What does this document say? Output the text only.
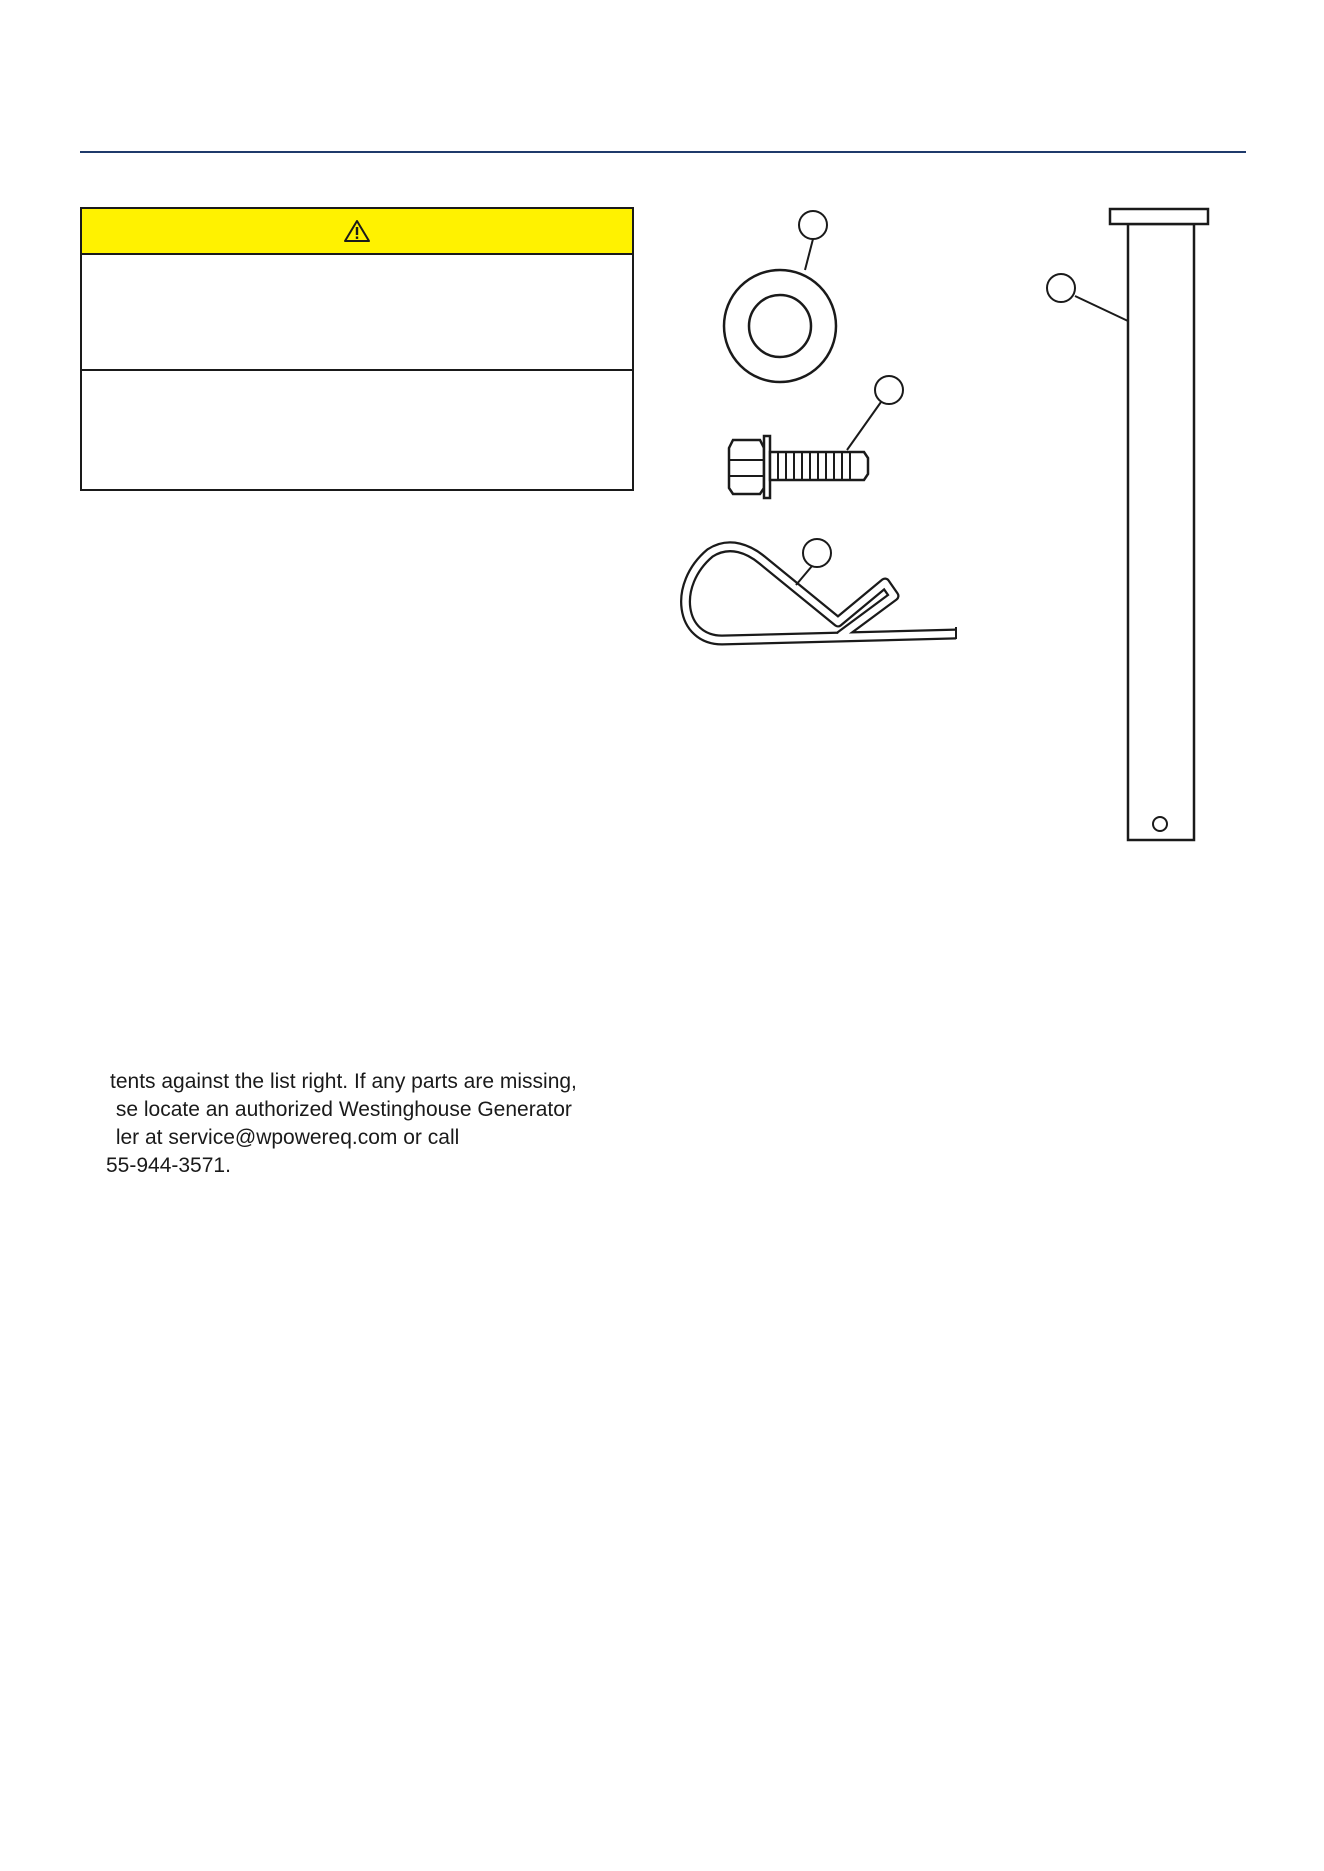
tents against the list right. If any parts are missing,
se locate an authorized Westinghouse Generator
ler at service@wpowereq.com or call
55-944-3571.
